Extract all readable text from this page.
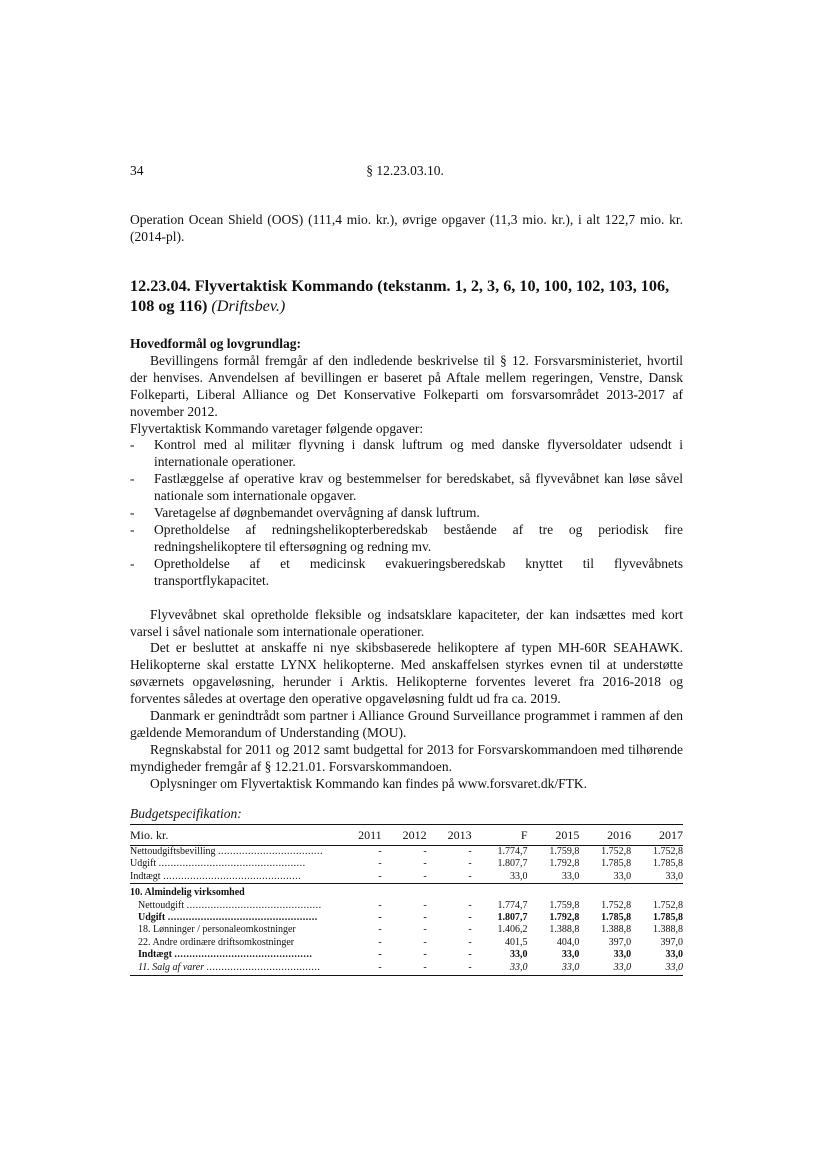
34	§ 12.23.03.10.
Operation Ocean Shield (OOS) (111,4 mio. kr.), øvrige opgaver (11,3 mio. kr.), i alt 122,7 mio. kr. (2014-pl).
12.23.04. Flyvertaktisk Kommando (tekstanm. 1, 2, 3, 6, 10, 100, 102, 103, 106, 108 og 116) (Driftsbev.)
Hovedformål og lovgrundlag:

Bevillingens formål fremgår af den indledende beskrivelse til § 12. Forsvarsministeriet, hvortil der henvises. Anvendelsen af bevillingen er baseret på Aftale mellem regeringen, Venstre, Dansk Folkeparti, Liberal Alliance og Det Konservative Folkeparti om forsvarsområdet 2013-2017 af november 2012.

Flyvertaktisk Kommando varetager følgende opgaver:

- Kontrol med al militær flyvning i dansk luftrum og med danske flyversoldater udsendt i internationale operationer.
- Fastlæggelse af operative krav og bestemmelser for beredskabet, så flyvevåbnet kan løse såvel nationale som internationale opgaver.
- Varetagelse af døgnbemandet overvågning af dansk luftrum.
- Opretholdelse af redningshelikopterberedskab bestående af tre og periodisk fire redningshelikoptere til eftersøgning og redning mv.
- Opretholdelse af et medicinsk evakueringsberedskab knyttet til flyvevåbnets transportflykapacitet.

Flyvevåbnet skal opretholde fleksible og indsatsklare kapaciteter, der kan indsættes med kort varsel i såvel nationale som internationale operationer.

Det er besluttet at anskaffe ni nye skibsbaserede helikoptere af typen MH-60R SEAHAWK. Helikopterne skal erstatte LYNX helikopterne. Med anskaffelsen styrkes evnen til at understøtte søværnets opgaveløsning, herunder i Arktis. Helikopterne forventes leveret fra 2016-2018 og forventes således at overtage den operative opgaveløsning fuldt ud fra ca. 2019.

Danmark er genindtrådt som partner i Alliance Ground Surveillance programmet i rammen af den gældende Memorandum of Understanding (MOU).

Regnskabstal for 2011 og 2012 samt budgettal for 2013 for Forsvarskommandoen med tilhørende myndigheder fremgår af § 12.21.01. Forsvarskommandoen.

Oplysninger om Flyvertaktisk Kommando kan findes på www.forsvaret.dk/FTK.

Budgetspecifikation:
Mio. kr.	2011	2012	2013	F	2015	2016	2017
Nettoudgiftsbevilling ...................................	-	-	-	1.774,7	1.759,8	1.752,8	1.752,8
Udgift .................................................	-	-	-	1.807,7	1.792,8	1.785,8	1.785,8
Indtægt ..............................................	-	-	-	33,0	33,0	33,0	33,0
10. Almindelig virksomhed							
Nettoudgift .............................................	-	-	-	1.774,7	1.759,8	1.752,8	1.752,8
Udgift ..................................................	-	-	-	1.807,7	1.792,8	1.785,8	1.785,8
18. Lønninger / personaleomkostninger	-	-	-	1.406,2	1.388,8	1.388,8	1.388,8
22. Andre ordinære driftsomkostninger	-	-	-	401,5	404,0	397,0	397,0
Indtægt ..............................................	-	-	-	33,0	33,0	33,0	33,0
11. Salg af varer ......................................	-	-	-	33,0	33,0	33,0	33,0
